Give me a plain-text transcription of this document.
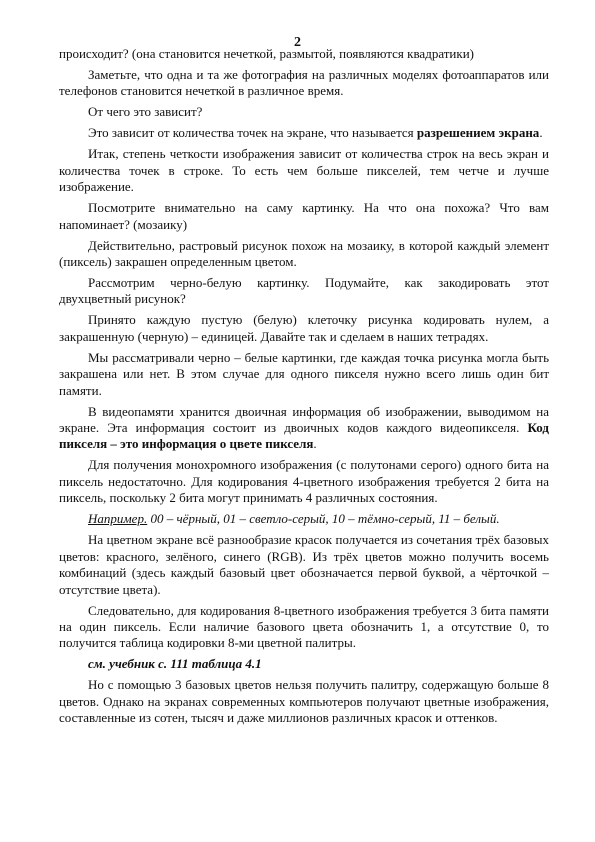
2

происходит? (она становится нечеткой, размытой, появляются квадратики)

Заметьте, что одна и та же фотография на различных моделях фотоаппаратов или телефонов становится нечеткой в различное время.

От чего это зависит?

Это зависит от количества точек на экране, что называется разрешением экрана.

Итак, степень четкости изображения зависит от количества строк на весь экран и количества точек в строке. То есть чем больше пикселей, тем четче и лучше изображение.

Посмотрите внимательно на саму картинку. На что она похожа? Что вам напоминает? (мозаику)

Действительно, растровый рисунок похож на мозаику, в которой каждый элемент (пиксель) закрашен определенным цветом.

Рассмотрим черно-белую картинку. Подумайте, как закодировать этот двухцветный рисунок?

Принято каждую пустую (белую) клеточку рисунка кодировать нулем, а закрашенную (черную) – единицей. Давайте так и сделаем в наших тетрадях.

Мы рассматривали черно – белые картинки, где каждая точка рисунка могла быть закрашена или нет. В этом случае для одного пикселя нужно всего лишь один бит памяти.

В видеопамяти хранится двоичная информация об изображении, выводимом на экране. Эта информация состоит из двоичных кодов каждого видеопикселя. Код пикселя – это информация о цвете пикселя.

Для получения монохромного изображения (с полутонами серого) одного бита на пиксель недостаточно. Для кодирования 4-цветного изображения требуется 2 бита на пиксель, поскольку 2 бита могут принимать 4 различных состояния.

Например. 00 – чёрный, 01 – светло-серый, 10 – тёмно-серый, 11 – белый.

На цветном экране всё разнообразие красок получается из сочетания трёх базовых цветов: красного, зелёного, синего (RGB). Из трёх цветов можно получить восемь комбинаций (здесь каждый базовый цвет обозначается первой буквой, а чёрточкой – отсутствие цвета).

Следовательно, для кодирования 8-цветного изображения требуется 3 бита памяти на один пиксель. Если наличие базового цвета обозначить 1, а отсутствие 0, то получится таблица кодировки 8-ми цветной палитры.

см. учебник с. 111 таблица 4.1

Но с помощью 3 базовых цветов нельзя получить палитру, содержащую больше 8 цветов. Однако на экранах современных компьютеров получают цветные изображения, составленные из сотен, тысяч и даже миллионов различных красок и оттенков.
